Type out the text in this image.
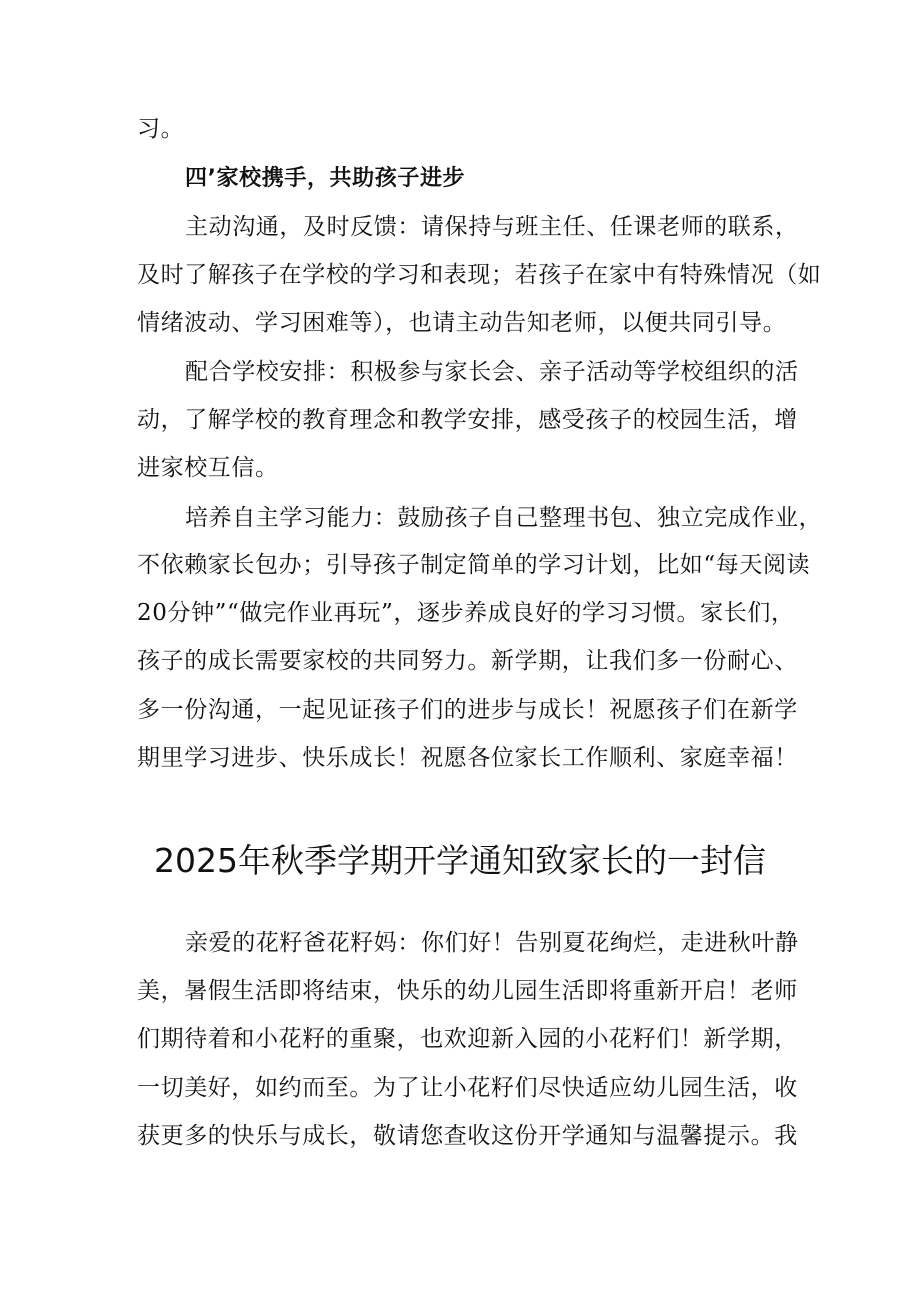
习。
四’家校携手，共助孩子进步
主动沟通，及时反馈：请保持与班主任、任课老师的联系，
及时了解孩子在学校的学习和表现；若孩子在家中有特殊情况（如
情绪波动、学习困难等），也请主动告知老师，以便共同引导。
配合学校安排：积极参与家长会、亲子活动等学校组织的活
动，了解学校的教育理念和教学安排，感受孩子的校园生活，增
进家校互信。
培养自主学习能力：鼓励孩子自己整理书包、独立完成作业，
不依赖家长包办；引导孩子制定简单的学习计划，比如“每天阅读
20分钟”“做完作业再玩”，逐步养成良好的学习习惯。家长们，
孩子的成长需要家校的共同努力。新学期，让我们多一份耐心、
多一份沟通，一起见证孩子们的进步与成长！祝愿孩子们在新学
期里学习进步、快乐成长！祝愿各位家长工作顺利、家庭幸福！
2025年秋季学期开学通知致家长的一封信
亲爱的花籽爸花籽妈：你们好！告别夏花绚烂，走进秋叶静
美，暑假生活即将结束，快乐的幼儿园生活即将重新开启！老师
们期待着和小花籽的重聚，也欢迎新入园的小花籽们！新学期，
一切美好，如约而至。为了让小花籽们尽快适应幼儿园生活，收
获更多的快乐与成长，敬请您查收这份开学通知与温馨提示。我
